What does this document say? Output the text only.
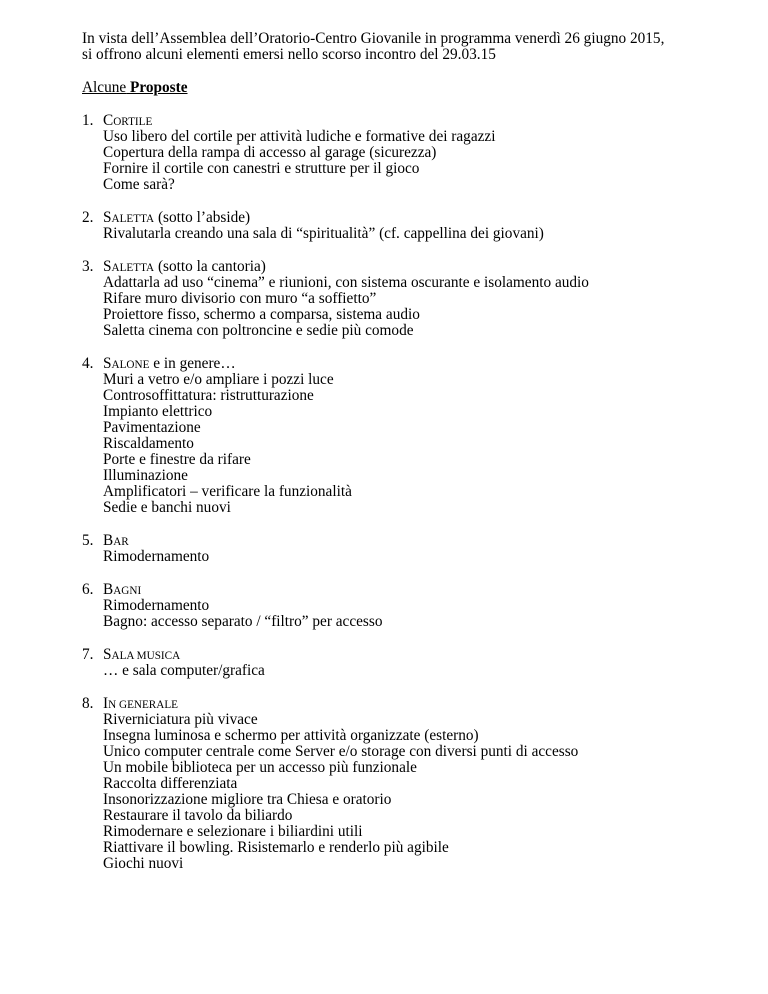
In vista dell’Assemblea dell’Oratorio-Centro Giovanile in programma venerdì 26 giugno 2015,
si offrono alcuni elementi emersi nello scorso incontro del 29.03.15
Alcune Proposte
1. CORTILE
Uso libero del cortile per attività ludiche e formative dei ragazzi
Copertura della rampa di accesso al garage (sicurezza)
Fornire il cortile con canestri e strutture per il gioco
Come sarà?
2. SALETTA (sotto l’abside)
Rivalutarla creando una sala di “spiritualità” (cf. cappellina dei giovani)
3. SALETTA (sotto la cantoria)
Adattarla ad uso “cinema” e riunioni, con sistema oscurante e isolamento audio
Rifare muro divisorio con muro “a soffietto”
Proiettore fisso, schermo a comparsa, sistema audio
Saletta cinema con poltroncine e sedie più comode
4. SALONE e in genere…
Muri a vetro e/o ampliare i pozzi luce
Controsoffittatura: ristrutturazione
Impianto elettrico
Pavimentazione
Riscaldamento
Porte e finestre da rifare
Illuminazione
Amplificatori – verificare la funzionalità
Sedie e banchi nuovi
5. BAR
Rimodernamento
6. BAGNI
Rimodernamento
Bagno: accesso separato / “filtro” per accesso
7. SALA MUSICA
… e sala computer/grafica
8. IN GENERALE
Riverniciatura più vivace
Insegna luminosa e schermo per attività organizzate (esterno)
Unico computer centrale come Server e/o storage con diversi punti di accesso
Un mobile biblioteca per un accesso più funzionale
Raccolta differenziata
Insonorizzazione migliore tra Chiesa e oratorio
Restaurare il tavolo da biliardo
Rimodernare e selezionare i biliardini utili
Riattivare il bowling. Risistemarlo e renderlo più agibile
Giochi nuovi
